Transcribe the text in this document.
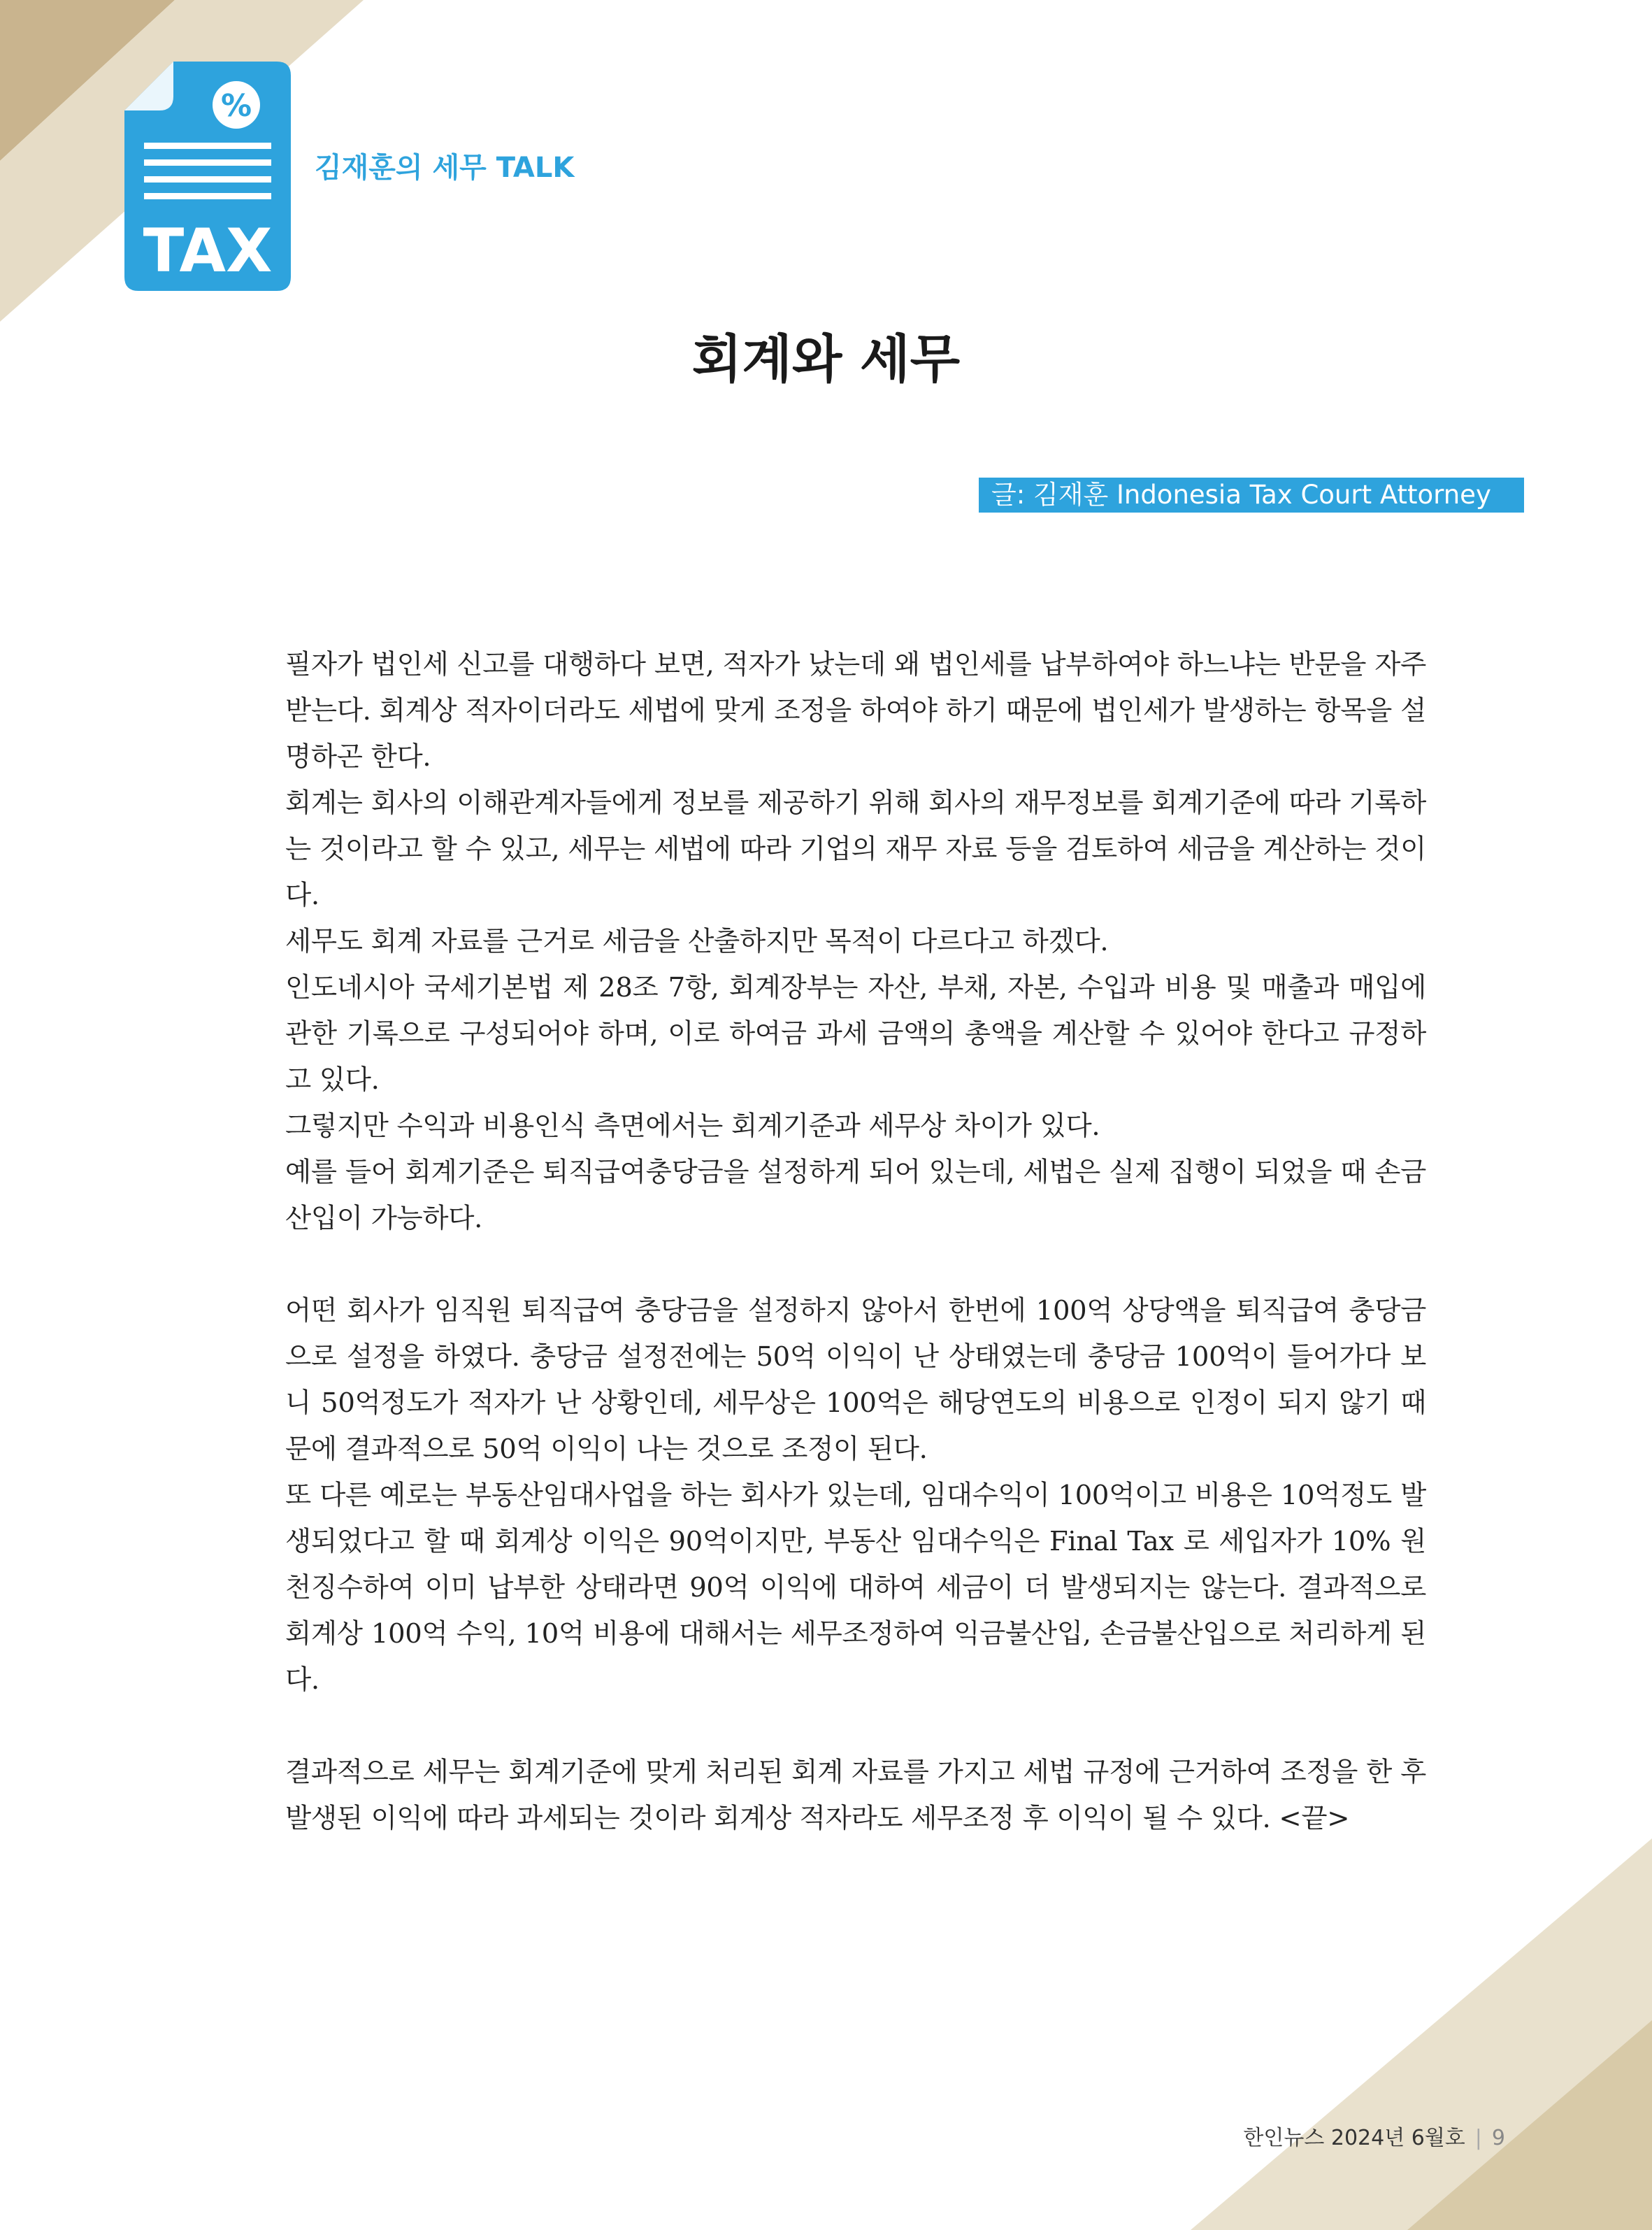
%
TAX
김재훈의 세무 TALK
회계와 세무
글: 김재훈 Indonesia Tax Court Attorney

필자가 법인세 신고를 대행하다 보면, 적자가 났는데 왜 법인세를 납부하여야 하느냐는 반문을 자주 받는다. 회계상 적자이더라도 세법에 맞게 조정을 하여야 하기 때문에 법인세가 발생하는 항목을 설명하곤 한다.

회계는 회사의 이해관계자들에게 정보를 제공하기 위해 회사의 재무정보를 회계기준에 따라 기록하는 것이라고 할 수 있고, 세무는 세법에 따라 기업의 재무 자료 등을 검토하여 세금을 계산하는 것이다.

세무도 회계 자료를 근거로 세금을 산출하지만 목적이 다르다고 하겠다.

인도네시아 국세기본법 제 28조 7항, 회계장부는 자산, 부채, 자본, 수입과 비용 및 매출과 매입에 관한 기록으로 구성되어야 하며, 이로 하여금 과세 금액의 총액을 계산할 수 있어야 한다고 규정하고 있다.

그렇지만 수익과 비용인식 측면에서는 회계기준과 세무상 차이가 있다.

예를 들어 회계기준은 퇴직급여충당금을 설정하게 되어 있는데, 세법은 실제 집행이 되었을 때 손금산입이 가능하다.

어떤 회사가 임직원 퇴직급여 충당금을 설정하지 않아서 한번에 100억 상당액을 퇴직급여 충당금으로 설정을 하였다. 충당금 설정전에는 50억 이익이 난 상태였는데 충당금 100억이 들어가다 보니 50억정도가 적자가 난 상황인데, 세무상은 100억은 해당연도의 비용으로 인정이 되지 않기 때문에 결과적으로 50억 이익이 나는 것으로 조정이 된다.

또 다른 예로는 부동산임대사업을 하는 회사가 있는데, 임대수익이 100억이고 비용은 10억정도 발생되었다고 할 때 회계상 이익은 90억이지만, 부동산 임대수익은 Final Tax 로 세입자가 10% 원천징수하여 이미 납부한 상태라면 90억 이익에 대하여 세금이 더 발생되지는 않는다. 결과적으로 회계상 100억 수익, 10억 비용에 대해서는 세무조정하여 익금불산입, 손금불산입으로 처리하게 된다.

결과적으로 세무는 회계기준에 맞게 처리된 회계 자료를 가지고 세법 규정에 근거하여 조정을 한 후 발생된 이익에 따라 과세되는 것이라 회계상 적자라도 세무조정 후 이익이 될 수 있다. <끝>

한인뉴스 2024년 6월호 | 9
